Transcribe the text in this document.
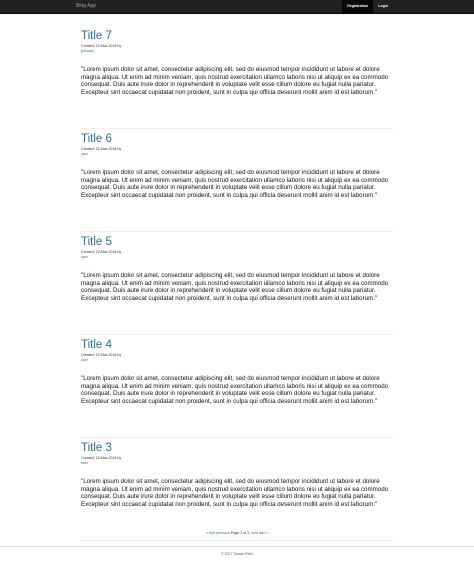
Blog App	Registration	Login
Title 7
Created: 22-Mar-2018 by
johndoe

"Lorem ipsum dolor sit amet, consectetur adipiscing elit, sed do eiusmod tempor incididunt ut labore et dolore magna aliqua. Ut enim ad minim veniam, quis nostrud exercitation ullamco laboris nisi ut aliquip ex ea commodo consequat. Duis aute irure dolor in reprehenderit in voluptate velit esse cillum dolore eu fugiat nulla pariatur. Excepteur sint occaecat cupidatat non proident, sunt in culpa qui officia deserunt mollit anim id est laborum."

Title 6
Created: 22-Mar-2018 by
user

"Lorem ipsum dolor sit amet, consectetur adipiscing elit, sed do eiusmod tempor incididunt ut labore et dolore magna aliqua. Ut enim ad minim veniam, quis nostrud exercitation ullamco laboris nisi ut aliquip ex ea commodo consequat. Duis aute irure dolor in reprehenderit in voluptate velit esse cillum dolore eu fugiat nulla pariatur. Excepteur sint occaecat cupidatat non proident, sunt in culpa qui officia deserunt mollit anim id est laborum."

Title 5
Created: 22-Mar-2018 by
user

"Lorem ipsum dolor sit amet, consectetur adipiscing elit, sed do eiusmod tempor incididunt ut labore et dolore magna aliqua. Ut enim ad minim veniam, quis nostrud exercitation ullamco laboris nisi ut aliquip ex ea commodo consequat. Duis aute irure dolor in reprehenderit in voluptate velit esse cillum dolore eu fugiat nulla pariatur. Excepteur sint occaecat cupidatat non proident, sunt in culpa qui officia deserunt mollit anim id est laborum."

Title 4
Created: 22-Mar-2018 by
user

"Lorem ipsum dolor sit amet, consectetur adipiscing elit, sed do eiusmod tempor incididunt ut labore et dolore magna aliqua. Ut enim ad minim veniam, quis nostrud exercitation ullamco laboris nisi ut aliquip ex ea commodo consequat. Duis aute irure dolor in reprehenderit in voluptate velit esse cillum dolore eu fugiat nulla pariatur. Excepteur sint occaecat cupidatat non proident, sunt in culpa qui officia deserunt mollit anim id est laborum."

Title 3
Created: 22-Mar-2018 by
user

"Lorem ipsum dolor sit amet, consectetur adipiscing elit, sed do eiusmod tempor incididunt ut labore et dolore magna aliqua. Ut enim ad minim veniam, quis nostrud exercitation ullamco laboris nisi ut aliquip ex ea commodo consequat. Duis aute irure dolor in reprehenderit in voluptate velit esse cillum dolore eu fugiat nulla pariatur. Excepteur sint occaecat cupidatat non proident, sunt in culpa qui officia deserunt mollit anim id est laborum."

« first previous Page 2 of 3. next last »
© 2017 Dušan Petić
